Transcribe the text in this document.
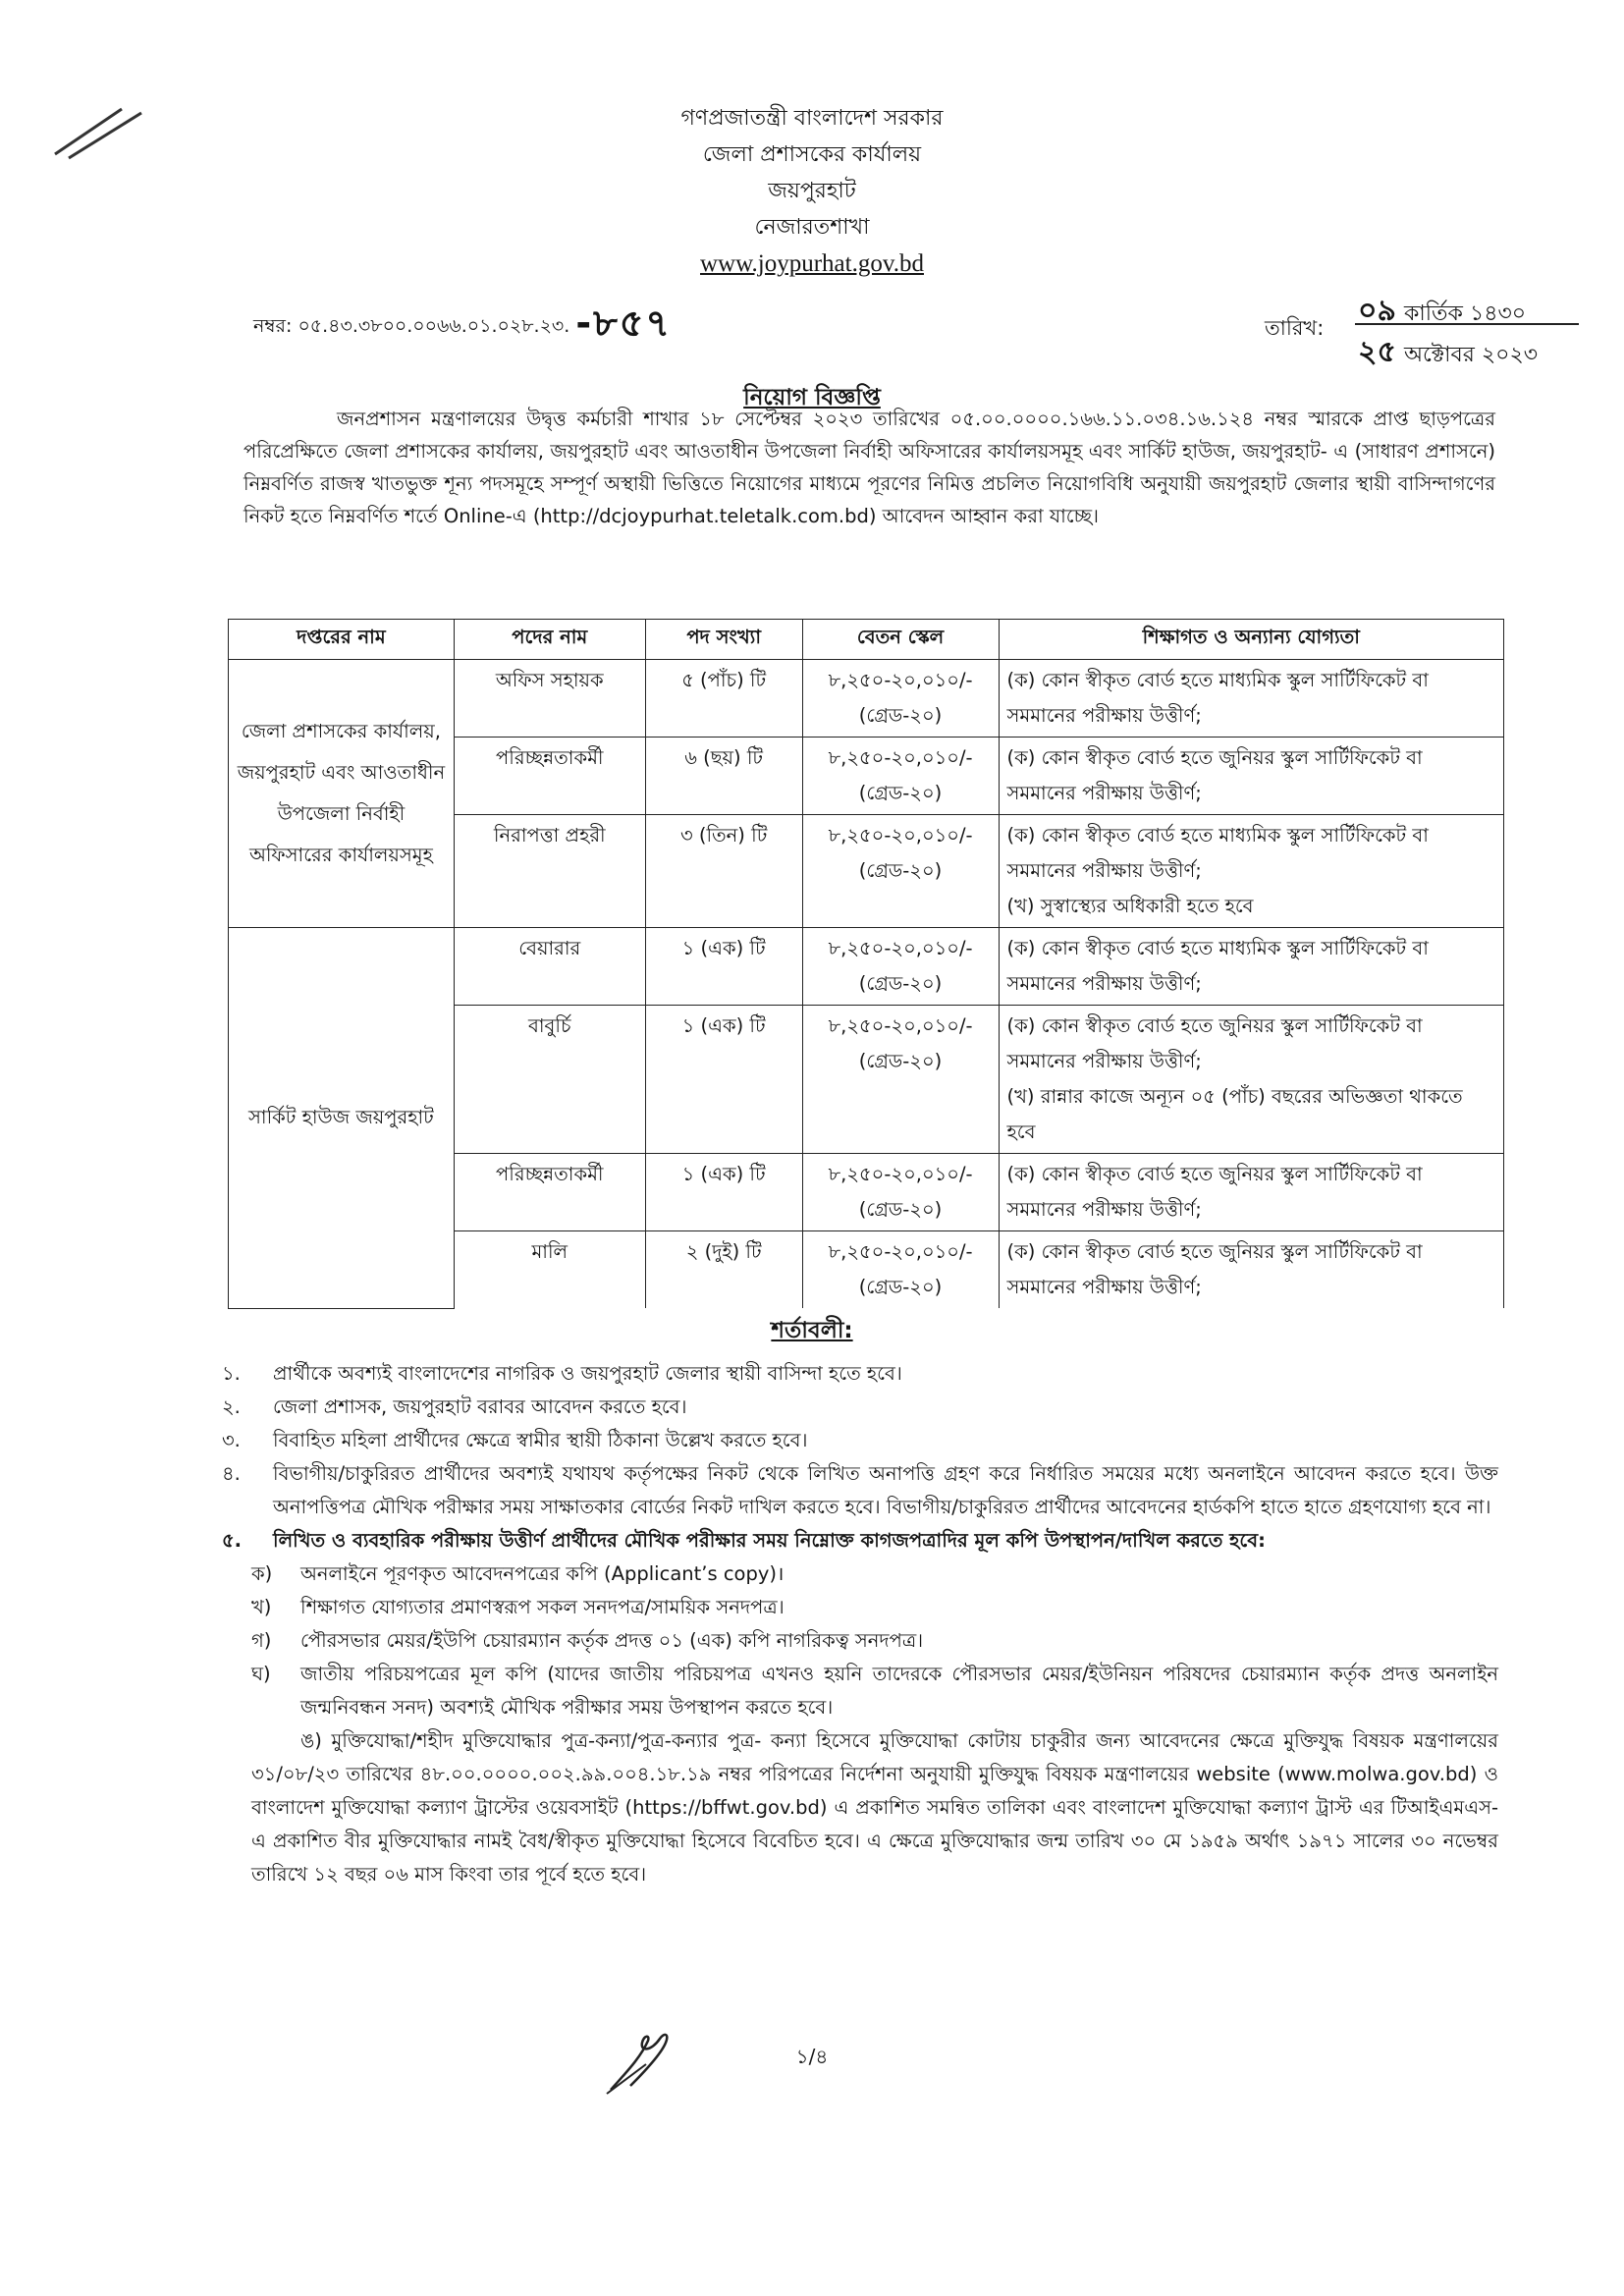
গণপ্রজাতন্ত্রী বাংলাদেশ সরকার
জেলা প্রশাসকের কার্যালয়
জয়পুরহাট
নেজারতশাখা
www.joypurhat.gov.bd
নম্বর: ০৫.৪৩.৩৮০০.০০৬৬.০১.০২৮.২৩. -৮৫৭	তারিখ: ০৯ কার্তিক ১৪৩০
২৫ অক্টোবর ২০২৩
নিয়োগ বিজ্ঞপ্তি
জনপ্রশাসন মন্ত্রণালয়ের উদ্বৃত্ত কর্মচারী শাখার ১৮ সেপ্টেম্বর ২০২৩ তারিখের ০৫.০০.০০০০.১৬৬.১১.০৩৪.১৬.১২৪ নম্বর স্মারকে প্রাপ্ত ছাড়পত্রের পরিপ্রেক্ষিতে জেলা প্রশাসকের কার্যালয়, জয়পুরহাট এবং আওতাধীন উপজেলা নির্বাহী অফিসারের কার্যালয়সমূহ এবং সার্কিট হাউজ, জয়পুরহাট- এ (সাধারণ প্রশাসনে) নিম্নবর্ণিত রাজস্ব খাতভুক্ত শূন্য পদসমূহে সম্পূর্ণ অস্থায়ী ভিত্তিতে নিয়োগের মাধ্যমে পূরণের নিমিত্ত প্রচলিত নিয়োগবিধি অনুযায়ী জয়পুরহাট জেলার স্থায়ী বাসিন্দাগণের নিকট হতে নিম্নবর্ণিত শর্তে Online-এ (http://dcjoypurhat.teletalk.com.bd) আবেদন আহ্বান করা যাচ্ছে।
দপ্তরের নাম	পদের নাম	পদ সংখ্যা	বেতন স্কেল	শিক্ষাগত ও অন্যান্য যোগ্যতা
জেলা প্রশাসকের কার্যালয়, জয়পুরহাট এবং আওতাধীন উপজেলা নির্বাহী অফিসারের কার্যালয়সমূহ	অফিস সহায়ক	৫ (পাঁচ) টি	৮,২৫০-২০,০১০/- (গ্রেড-২০)	(ক) কোন স্বীকৃত বোর্ড হতে মাধ্যমিক স্কুল সার্টিফিকেট বা সমমানের পরীক্ষায় উত্তীর্ণ;

	পরিচ্ছন্নতাকর্মী	৬ (ছয়) টি	৮,২৫০-২০,০১০/- (গ্রেড-২০)	(ক) কোন স্বীকৃত বোর্ড হতে জুনিয়র স্কুল সার্টিফিকেট বা সমমানের পরীক্ষায় উত্তীর্ণ;

	নিরাপত্তা প্রহরী	৩ (তিন) টি	৮,২৫০-২০,০১০/- (গ্রেড-২০)	(ক) কোন স্বীকৃত বোর্ড হতে মাধ্যমিক স্কুল সার্টিফিকেট বা সমমানের পরীক্ষায় উত্তীর্ণ;
(খ) সুস্বাস্থ্যের অধিকারী হতে হবে

সার্কিট হাউজ জয়পুরহাট	বেয়ারার	১ (এক) টি	৮,২৫০-২০,০১০/- (গ্রেড-২০)	(ক) কোন স্বীকৃত বোর্ড হতে মাধ্যমিক স্কুল সার্টিফিকেট বা সমমানের পরীক্ষায় উত্তীর্ণ;

	বাবুর্চি	১ (এক) টি	৮,২৫০-২০,০১০/- (গ্রেড-২০)	(ক) কোন স্বীকৃত বোর্ড হতে জুনিয়র স্কুল সার্টিফিকেট বা সমমানের পরীক্ষায় উত্তীর্ণ;
(খ) রান্নার কাজে অন্যূন ০৫ (পাঁচ) বছরের অভিজ্ঞতা থাকতে হবে

	পরিচ্ছন্নতাকর্মী	১ (এক) টি	৮,২৫০-২০,০১০/- (গ্রেড-২০)	(ক) কোন স্বীকৃত বোর্ড হতে জুনিয়র স্কুল সার্টিফিকেট বা সমমানের পরীক্ষায় উত্তীর্ণ;

	মালি	২ (দুই) টি	৮,২৫০-২০,০১০/- (গ্রেড-২০)	(ক) কোন স্বীকৃত বোর্ড হতে জুনিয়র স্কুল সার্টিফিকেট বা সমমানের পরীক্ষায় উত্তীর্ণ;
শর্তাবলী:
১. প্রার্থীকে অবশ্যই বাংলাদেশের নাগরিক ও জয়পুরহাট জেলার স্থায়ী বাসিন্দা হতে হবে।
২. জেলা প্রশাসক, জয়পুরহাট বরাবর আবেদন করতে হবে।
৩. বিবাহিত মহিলা প্রার্থীদের ক্ষেত্রে স্বামীর স্থায়ী ঠিকানা উল্লেখ করতে হবে।
৪. বিভাগীয়/চাকুরিরত প্রার্থীদের অবশ্যই যথাযথ কর্তৃপক্ষের নিকট থেকে লিখিত অনাপত্তি গ্রহণ করে নির্ধারিত সময়ের মধ্যে অনলাইনে আবেদন করতে হবে। উক্ত অনাপত্তিপত্র মৌখিক পরীক্ষার সময় সাক্ষাতকার বোর্ডের নিকট দাখিল করতে হবে। বিভাগীয়/চাকুরিরত প্রার্থীদের আবেদনের হার্ডকপি হাতে হাতে গ্রহণযোগ্য হবে না।
৫. লিখিত ও ব্যবহারিক পরীক্ষায় উত্তীর্ণ প্রার্থীদের মৌখিক পরীক্ষার সময় নিম্নোক্ত কাগজপত্রাদির মূল কপি উপস্থাপন/দাখিল করতে হবে:
ক) অনলাইনে পূরণকৃত আবেদনপত্রের কপি (Applicant’s copy)।
খ) শিক্ষাগত যোগ্যতার প্রমাণস্বরূপ সকল সনদপত্র/সাময়িক সনদপত্র।
গ) পৌরসভার মেয়র/ইউপি চেয়ারম্যান কর্তৃক প্রদত্ত ০১ (এক) কপি নাগরিকত্ব সনদপত্র।
ঘ) জাতীয় পরিচয়পত্রের মূল কপি (যাদের জাতীয় পরিচয়পত্র এখনও হয়নি তাদেরকে পৌরসভার মেয়র/ইউনিয়ন পরিষদের চেয়ারম্যান কর্তৃক প্রদত্ত অনলাইন জন্মনিবন্ধন সনদ) অবশ্যই মৌখিক পরীক্ষার সময় উপস্থাপন করতে হবে।
ঙ) মুক্তিযোদ্ধা/শহীদ মুক্তিযোদ্ধার পুত্র-কন্যা/পুত্র-কন্যার পুত্র- কন্যা হিসেবে মুক্তিযোদ্ধা কোটায় চাকুরীর জন্য আবেদনের ক্ষেত্রে মুক্তিযুদ্ধ বিষয়ক মন্ত্রণালয়ের ৩১/০৮/২৩ তারিখের ৪৮.০০.০০০০.০০২.৯৯.০০৪.১৮.১৯ নম্বর পরিপত্রের নির্দেশনা অনুযায়ী মুক্তিযুদ্ধ বিষয়ক মন্ত্রণালয়ের website (www.molwa.gov.bd) ও বাংলাদেশ মুক্তিযোদ্ধা কল্যাণ ট্রাস্টের ওয়েবসাইট (https://bffwt.gov.bd) এ প্রকাশিত সমন্বিত তালিকা এবং বাংলাদেশ মুক্তিযোদ্ধা কল্যাণ ট্রাস্ট এর টিআইএমএস-এ প্রকাশিত বীর মুক্তিযোদ্ধার নামই বৈধ/স্বীকৃত মুক্তিযোদ্ধা হিসেবে বিবেচিত হবে। এ ক্ষেত্রে মুক্তিযোদ্ধার জন্ম তারিখ ৩০ মে ১৯৫৯ অর্থাৎ ১৯৭১ সালের ৩০ নভেম্বর তারিখে ১২ বছর ০৬ মাস কিংবা তার পূর্বে হতে হবে।
১/৪
